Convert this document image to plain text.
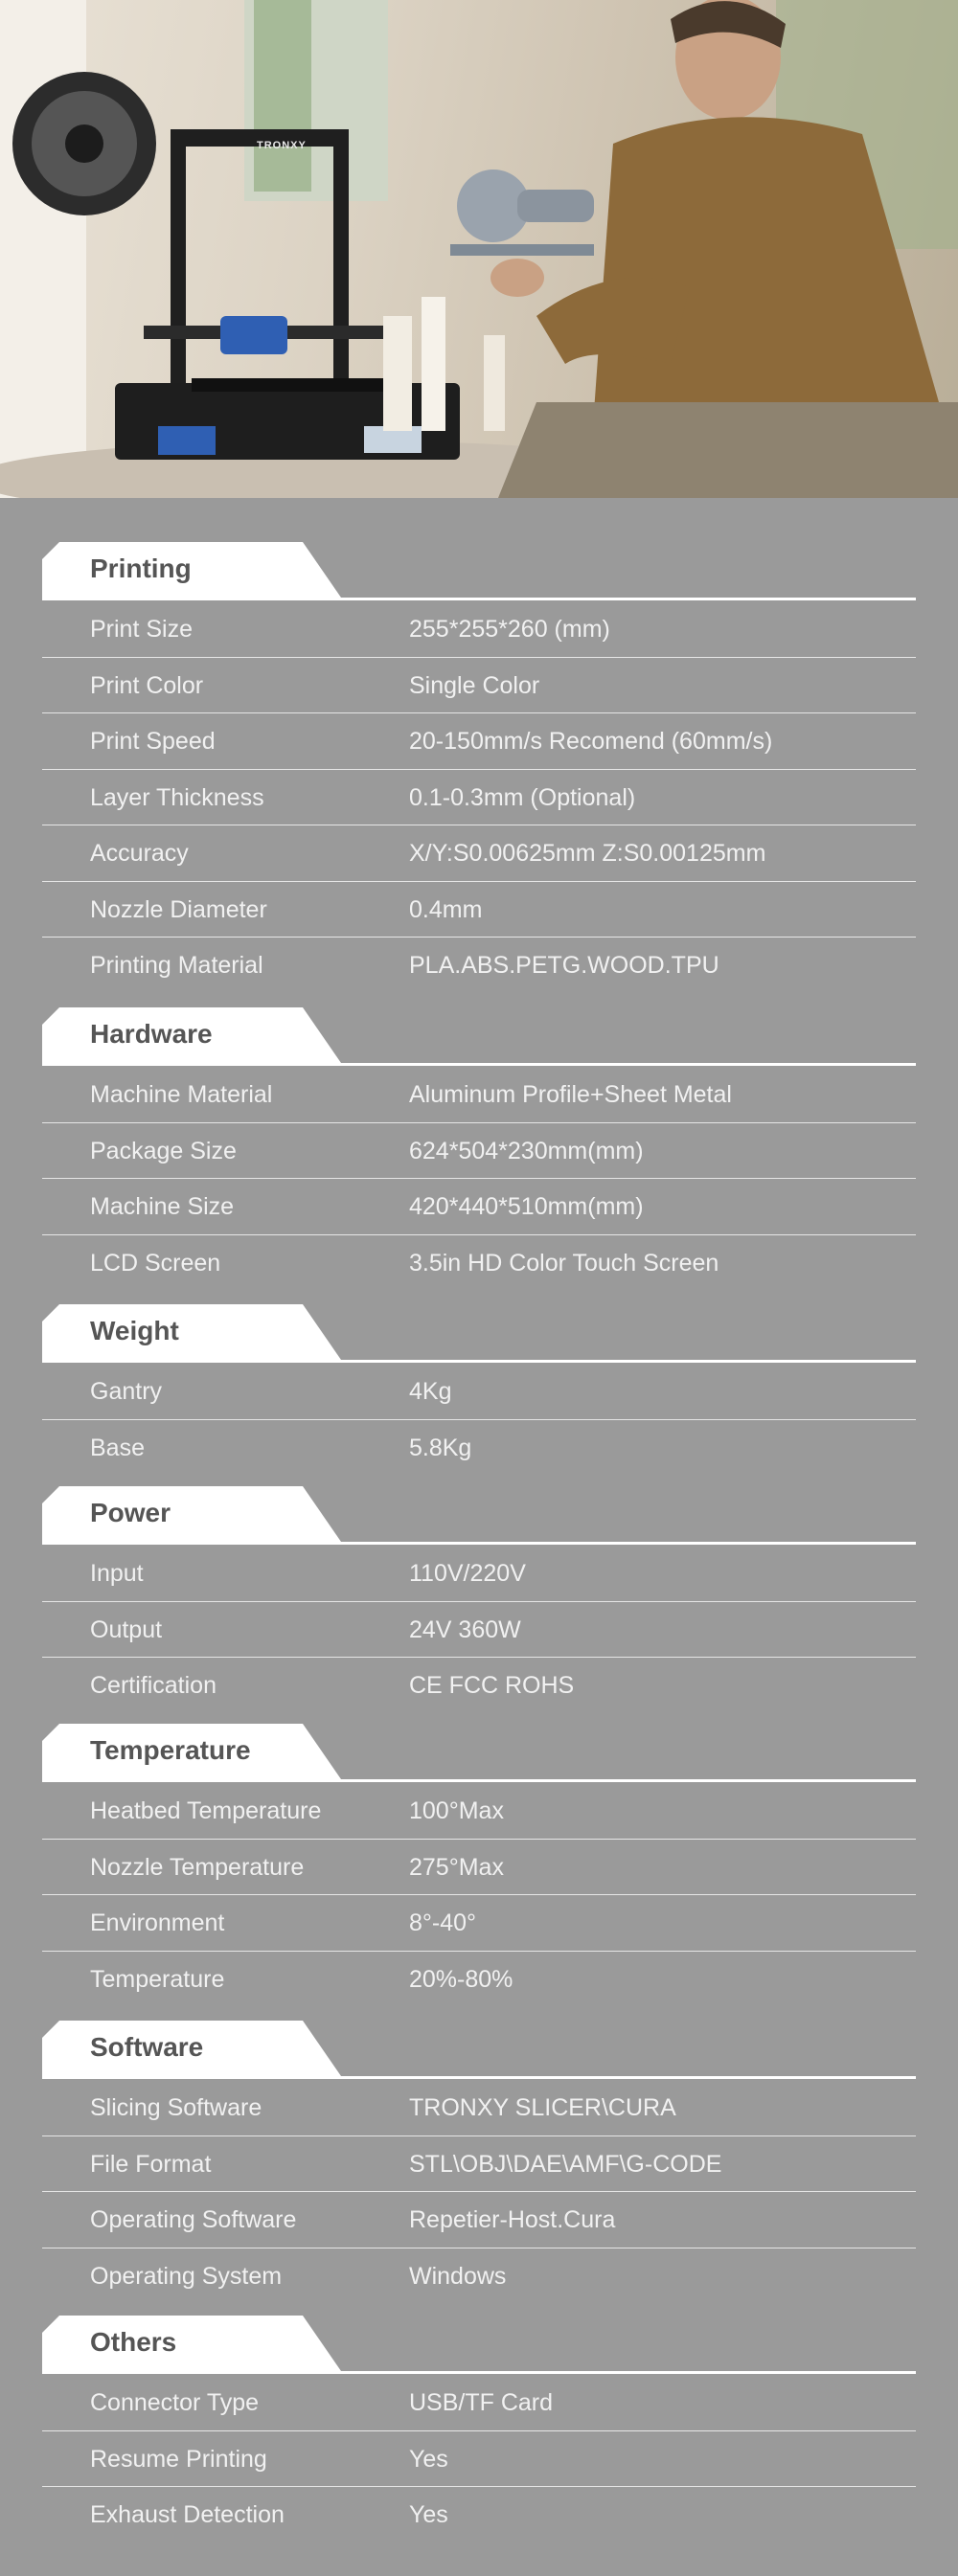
TRONXY
Printing
Print Size	255*255*260 (mm)
Print Color	Single Color
Print Speed	20-150mm/s Recomend (60mm/s)
Layer Thickness	0.1-0.3mm (Optional)
Accuracy	X/Y:S0.00625mm Z:S0.00125mm
Nozzle Diameter	0.4mm
Printing Material	PLA.ABS.PETG.WOOD.TPU
Hardware
Machine Material	Aluminum Profile+Sheet Metal
Package Size	624*504*230mm(mm)
Machine Size	420*440*510mm(mm)
LCD Screen	3.5in HD Color Touch Screen
Weight
Gantry	4Kg
Base	5.8Kg
Power
Input	110V/220V
Output	24V 360W
Certification	CE FCC ROHS
Temperature
Heatbed Temperature	100°Max
Nozzle Temperature	275°Max
Environment	8°-40°
Temperature	20%-80%
Software
Slicing Software	TRONXY SLICER\CURA
File Format	STL\OBJ\DAE\AMF\G-CODE
Operating Software	Repetier-Host.Cura
Operating System	Windows
Others
Connector Type	USB/TF Card
Resume Printing	Yes
Exhaust Detection	Yes
